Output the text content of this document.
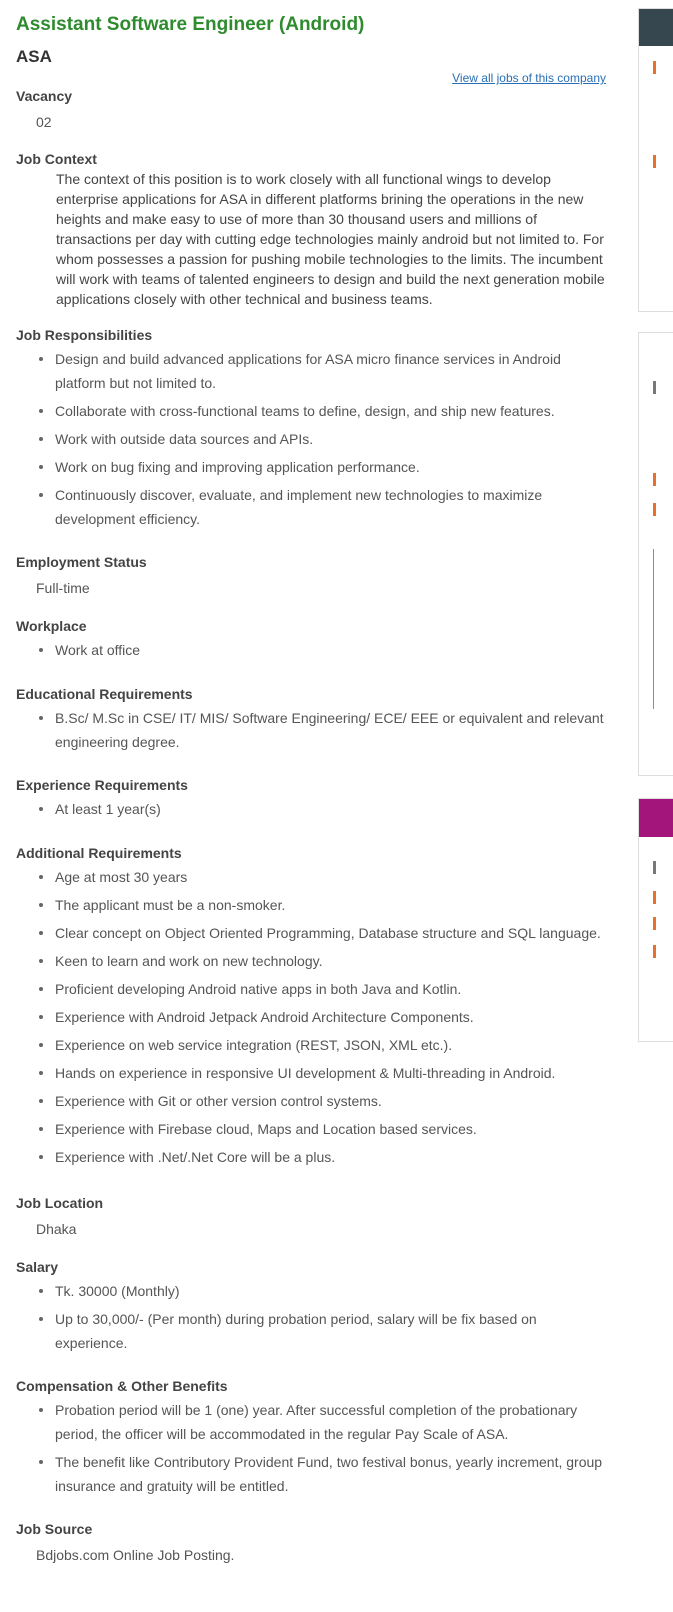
Assistant Software Engineer (Android)
ASA
View all jobs of this company
Vacancy
02
Job Context
The context of this position is to work closely with all functional wings to develop enterprise applications for ASA in different platforms brining the operations in the new heights and make easy to use of more than 30 thousand users and millions of transactions per day with cutting edge technologies mainly android but not limited to. For whom possesses a passion for pushing mobile technologies to the limits. The incumbent will work with teams of talented engineers to design and build the next generation mobile applications closely with other technical and business teams.
Job Responsibilities
Design and build advanced applications for ASA micro finance services in Android platform but not limited to.
Collaborate with cross-functional teams to define, design, and ship new features.
Work with outside data sources and APIs.
Work on bug fixing and improving application performance.
Continuously discover, evaluate, and implement new technologies to maximize development efficiency.
Employment Status
Full-time
Workplace
Work at office
Educational Requirements
B.Sc/ M.Sc in CSE/ IT/ MIS/ Software Engineering/ ECE/ EEE or equivalent and relevant engineering degree.
Experience Requirements
At least 1 year(s)
Additional Requirements
Age at most 30 years
The applicant must be a non-smoker.
Clear concept on Object Oriented Programming, Database structure and SQL language.
Keen to learn and work on new technology.
Proficient developing Android native apps in both Java and Kotlin.
Experience with Android Jetpack Android Architecture Components.
Experience on web service integration (REST, JSON, XML etc.).
Hands on experience in responsive UI development & Multi-threading in Android.
Experience with Git or other version control systems.
Experience with Firebase cloud, Maps and Location based services.
Experience with .Net/.Net Core will be a plus.
Job Location
Dhaka
Salary
Tk. 30000 (Monthly)
Up to 30,000/- (Per month) during probation period, salary will be fix based on experience.
Compensation & Other Benefits
Probation period will be 1 (one) year. After successful completion of the probationary period, the officer will be accommodated in the regular Pay Scale of ASA.
The benefit like Contributory Provident Fund, two festival bonus, yearly increment, group insurance and gratuity will be entitled.
Job Source
Bdjobs.com Online Job Posting.
